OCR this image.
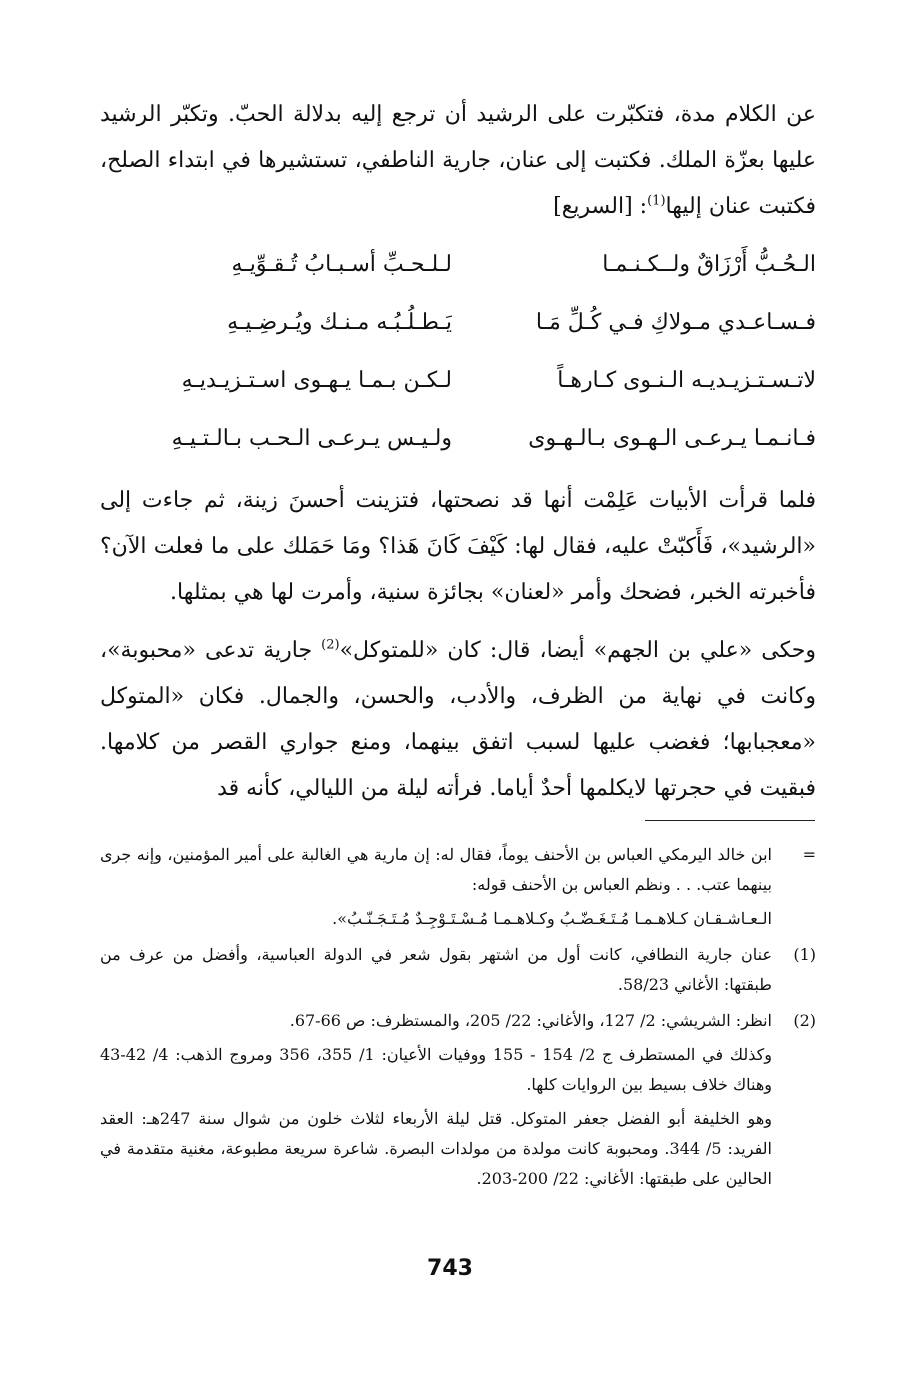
عن الكلام مدة، فتكبّرت على الرشيد أن ترجع إليه بدلالة الحبّ. وتكبّر الرشيد عليها بعزّة الملك. فكتبت إلى عنان، جارية الناطفي، تستشيرها في ابتداء الصلح، فكتبت عنان إليها$^{(1)}$: [السريع]

الـحُـبُّ أَرْزَاقٌ ولــكـنـمـا
لـلـحـبِّ أسـبـابُ تُـقـوِّيـهِ
فـسـاعـدي مـولاكِ فـي كُـلِّ مَـا
يَـطـلُـبُـه مـنـك ويُـرضِـيـهِ
لاتـسـتـزيـديـه الـنـوى كـارهـاً
لـكـن بـمـا يـهـوى اسـتـزيـديـهِ
فـانـمـا يـرعـى الـهـوى بـالـهـوى
ولـيـس يـرعـى الـحـب بـالـتـيـهِ

فلما قرأت الأبيات عَلِمْت أنها قد نصحتها، فتزينت أحسنَ زينة، ثم جاءت إلى «الرشيد»، فَأَكبّتْ عليه، فقال لها: كَيْفَ كَانَ هَذا؟ ومَا حَمَلك على ما فعلت الآن؟ فأخبرته الخبر، فضحك وأمر «لعنان» بجائزة سنية، وأمرت لها هي بمثلها.

وحكى «علي بن الجهم» أيضا، قال: كان «للمتوكل»$^{(2)}$ جارية تدعى «محبوبة»، وكانت في نهاية من الظرف، والأدب، والحسن، والجمال. فكان «المتوكل «معجبابها؛ فغضب عليها لسبب اتفق بينهما، ومنع جواري القصر من كلامها. فبقيت في حجرتها لايكلمها أحدٌ أياما. فرأته ليلة من الليالي، كأنه قد

=

ابن خالد اليرمكي العباس بن الأحنف يوماً، فقال له: إن مارية هي الغالبة على أمير المؤمنين، وإنه جرى بينهما عتب. . . ونظم العباس بن الأحنف قوله:

الـعـاشـقـان كـلاهـمـا مُـتَـغَـضّـبُ وكـلاهـمـا مُـسْـتَـوْجِـدٌ مُـتَـجَـنّـبُ».

(1)

عنان جارية النطافي، كانت أول من اشتهر بقول شعر في الدولة العباسية، وأفضل من عرف من طبقتها: الأغاني 58/23.

(2)

انظر: الشريشي: 2/ 127، والأغاني: 22/ 205، والمستظرف: ص 66-67.

وكذلك في المستطرف ج 2/ 154 - 155 ووفيات الأعيان: 1/ 355، 356 ومروج الذهب: 4/ 42-43 وهناك خلاف بسيط بين الروايات كلها.

وهو الخليفة أبو الفضل جعفر المتوكل. قتل ليلة الأربعاء لثلاث خلون من شوال سنة 247هـ: العقد الفريد: 5/ 344. ومحبوبة كانت مولدة من مولدات البصرة. شاعرة سريعة مطبوعة، مغنية متقدمة في الحالين على طبقتها: الأغاني: 22/ 200-203.

743
